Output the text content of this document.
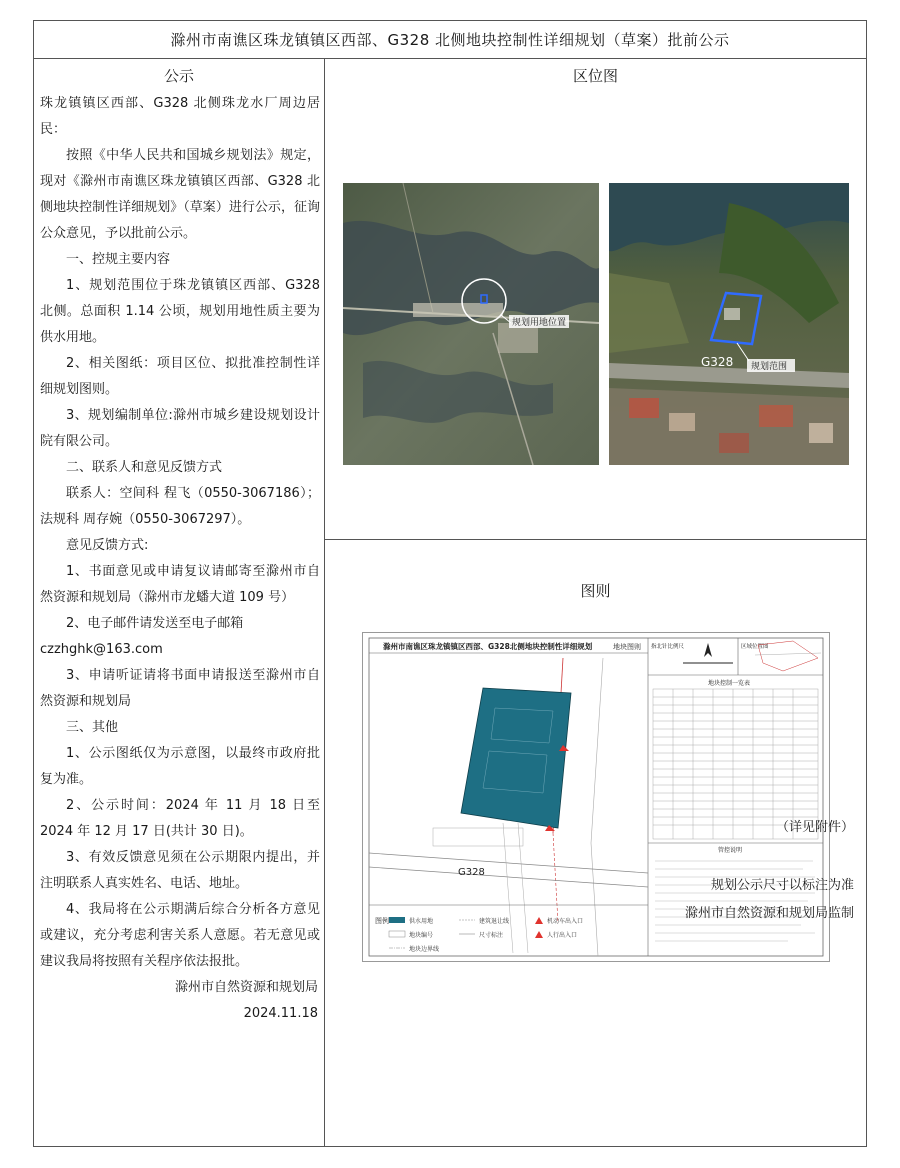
滁州市南谯区珠龙镇镇区西部、G328 北侧地块控制性详细规划（草案）批前公示
公示

珠龙镇镇区西部、G328 北侧珠龙水厂周边居民：

按照《中华人民共和国城乡规划法》规定，现对《滁州市南谯区珠龙镇镇区西部、G328 北侧地块控制性详细规划》（草案）进行公示，征询公众意见，予以批前公示。

一、控规主要内容

1、规划范围位于珠龙镇镇区西部、G328 北侧。总面积 1.14 公顷，规划用地性质主要为供水用地。

2、相关图纸：项目区位、拟批准控制性详细规划图则。

3、规划编制单位:滁州市城乡建设规划设计院有限公司。

二、联系人和意见反馈方式

联系人：空间科 程飞（0550-3067186）；法规科 周存婉（0550-3067297）。

意见反馈方式:

1、书面意见或申请复议请邮寄至滁州市自然资源和规划局（滁州市龙蟠大道 109 号）

2、电子邮件请发送至电子邮箱

czzhghk@163.com

3、申请听证请将书面申请报送至滁州市自然资源和规划局

三、其他

1、公示图纸仅为示意图，以最终市政府批复为准。

2、公示时间：2024 年 11 月 18 日至 2024 年 12 月 17 日(共计 30 日)。

3、有效反馈意见须在公示期限内提出，并注明联系人真实姓名、电话、地址。

4、我局将在公示期满后综合分析各方意见或建议，充分考虑利害关系人意愿。若无意见或建议我局将按照有关程序依法报批。

滁州市自然资源和规划局

2024.11.18

区位图
规划用地位置
G328 规划范围
图则
滁州市南谯区珠龙镇镇区西部、G328北侧地块控制性详细规划	地块图则
G328
图例	供水用地	建筑退让线	机动车出入口
地块编号	尺寸标注	人行出入口
地块边界线
指北针比例尺	区域位置图
地块控制一览表
管控说明
（详见附件）
规划公示尺寸以标注为准
滁州市自然资源和规划局监制
